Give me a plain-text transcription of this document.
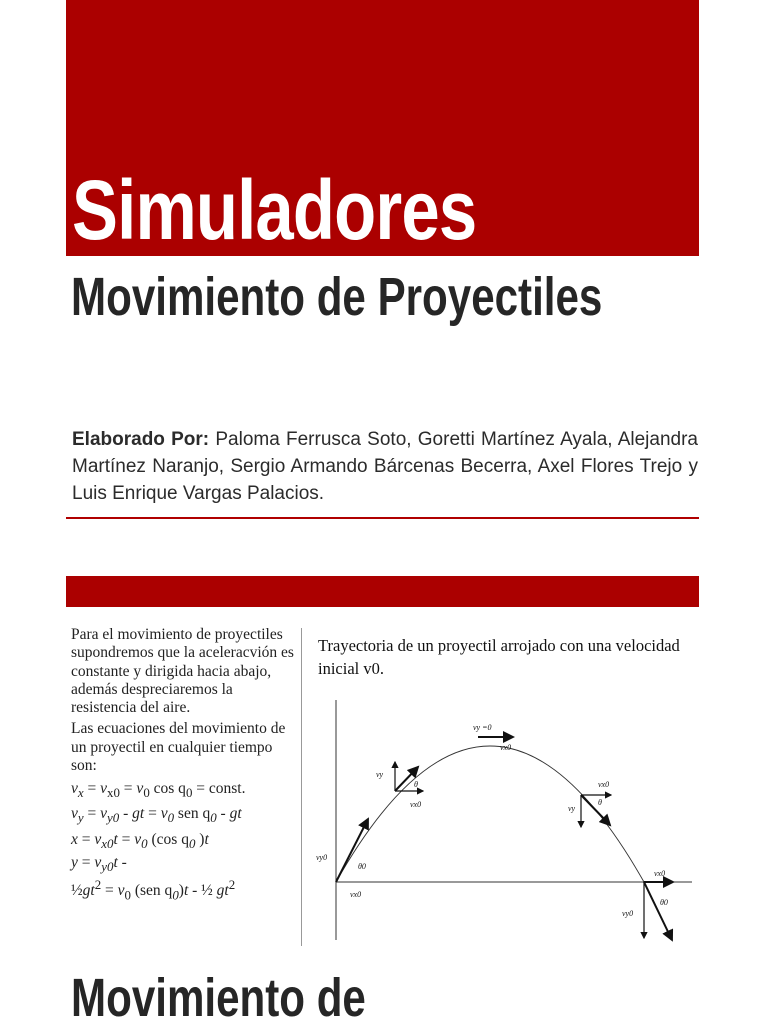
Simuladores
Movimiento de Proyectiles

Elaborado Por: Paloma Ferrusca Soto, Goretti Martínez Ayala, Alejandra Martínez Naranjo, Sergio Armando Bárcenas Becerra, Axel Flores Trejo y Luis Enrique Vargas Palacios.

Para el movimiento de proyectiles supondremos que la aceleracvión es constante y dirigida hacia abajo, además despreciaremos la resistencia del aire.

Las ecuaciones del movimiento de un proyectil en cualquier tiempo son:

$v_x = v_{x0} = v_0$ $\cos q_0$ = const.
$v_y = v_{y0}$ - gt = $v_0$ sen $q_0$ - gt
$x = v_{x0}t = v_0$ (cos $q_0$ )t
$y = v_{y0}t$ -
$\frac{1}{2}gt^2 = v_0$ (sen $q_0)t$ - ½ $gt^2$

Trayectoria de un proyectil arrojado con una velocidad inicial v0.

vy0
θ0
vx0
vy
θ
vx0
vy =0
vx0
vx0
θ
vy
vx0
θ0
vy0
Movimiento de
